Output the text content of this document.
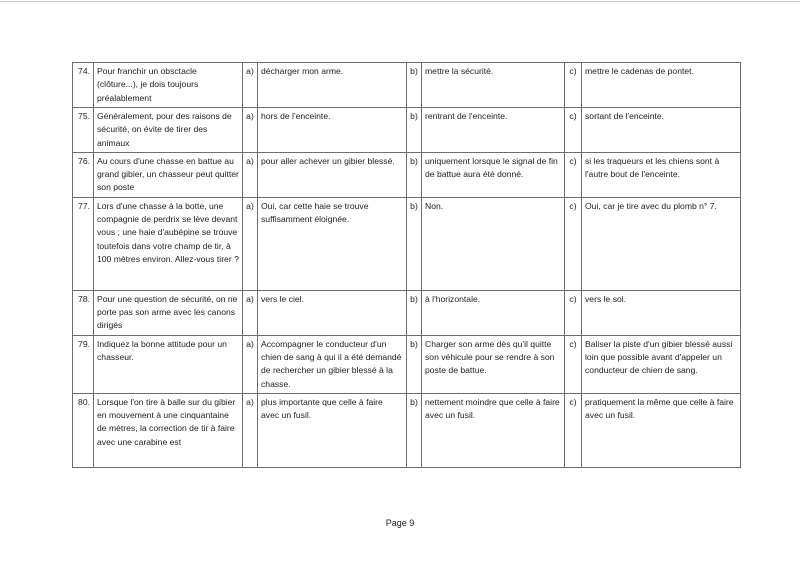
74.	Pour franchir un obsctacle (clôture...), je dois toujours préalablement	a)	décharger mon arme.	b)	mettre la sécurité.	c)	mettre le cadenas de pontet.
75.	Généralement, pour des raisons de sécurité, on évite de tirer des animaux	a)	hors de l'enceinte.	b)	rentrant de l'enceinte.	c)	sortant de l'enceinte.
76.	Au cours d'une chasse en battue au grand gibier, un chasseur peut quitter son poste	a)	pour aller achever un gibier blessé.	b)	uniquement lorsque le signal de fin de battue aura été donné.	c)	si les traqueurs et les chiens sont à l'autre bout de l'enceinte.
77.	Lors d'une chasse à la botte, une compagnie de perdrix se lève devant vous ; une haie d'aubépine se trouve toutefois dans votre champ de tir, à 100 mètres environ. Allez-vous tirer ?	a)	Oui, car cette haie se trouve suffisamment éloignée.	b)	Non.	c)	Oui, car je tire avec du plomb n° 7.
78.	Pour une question de sécurité, on ne porte pas son arme avec les canons dirigés	a)	vers le ciel.	b)	à l'horizontale.	c)	vers le sol.
79.	Indiquez la bonne attitude pour un chasseur.	a)	Accompagner le conducteur d'un chien de sang à qui il a été demandé de rechercher un gibier blessé à la chasse.	b)	Charger son arme dès qu'il quitte son véhicule pour se rendre à son poste de battue.	c)	Baliser la piste d'un gibier blessé aussi loin que possible avant d'appeler un conducteur de chien de sang.
80.	Lorsque l'on tire à balle sur du gibier en mouvement à une cinquantaine de mètres, la correction de tir à faire avec une carabine est	a)	plus importante que celle à faire avec un fusil.	b)	nettement moindre que celle à faire avec un fusil.	c)	pratiquement la même que celle à faire avec un fusil.
Page 9
